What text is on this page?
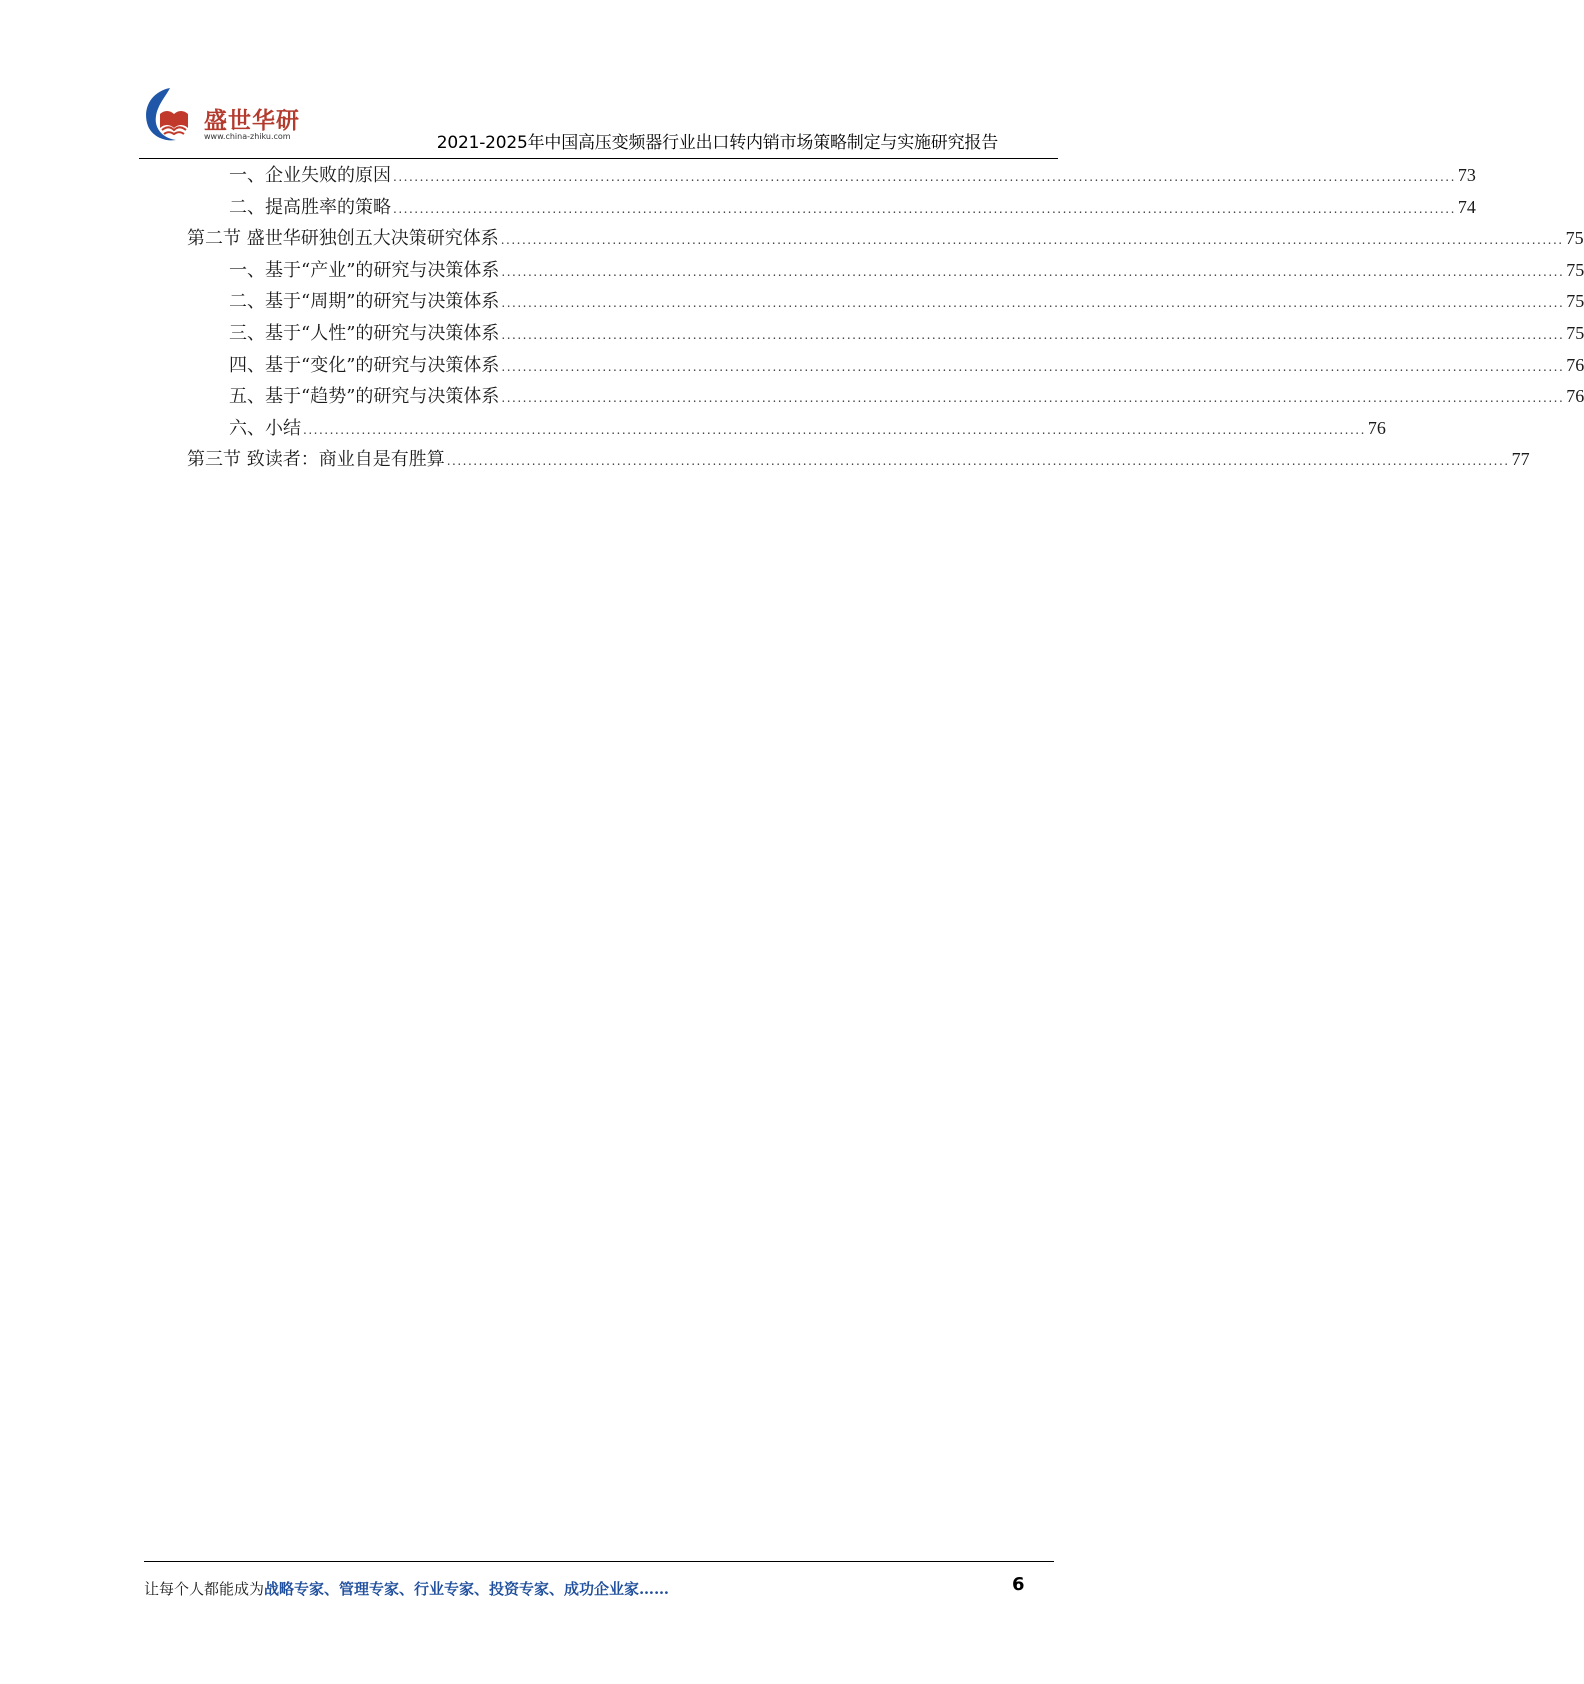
盛世华研
www.china-zhiku.com	2021-2025年中国高压变频器行业出口转内销市场策略制定与实施研究报告
一、企业失败的原因 ........................................................................................................................................................................................................ 73
二、提高胜率的策略 ........................................................................................................................................................................................................ 74
第二节 盛世华研独创五大决策研究体系 ........................................................................................................................................................................................................ 75
一、基于“产业”的研究与决策体系 ........................................................................................................................................................................................................ 75
二、基于“周期”的研究与决策体系 ........................................................................................................................................................................................................ 75
三、基于“人性”的研究与决策体系 ........................................................................................................................................................................................................ 75
四、基于“变化”的研究与决策体系 ........................................................................................................................................................................................................ 76
五、基于“趋势”的研究与决策体系 ........................................................................................................................................................................................................ 76
六、小结 ........................................................................................................................................................................................................ 76
第三节 致读者：商业自是有胜算 ........................................................................................................................................................................................................ 77
让每个人都能成为战略专家、管理专家、行业专家、投资专家、成功企业家……	6
